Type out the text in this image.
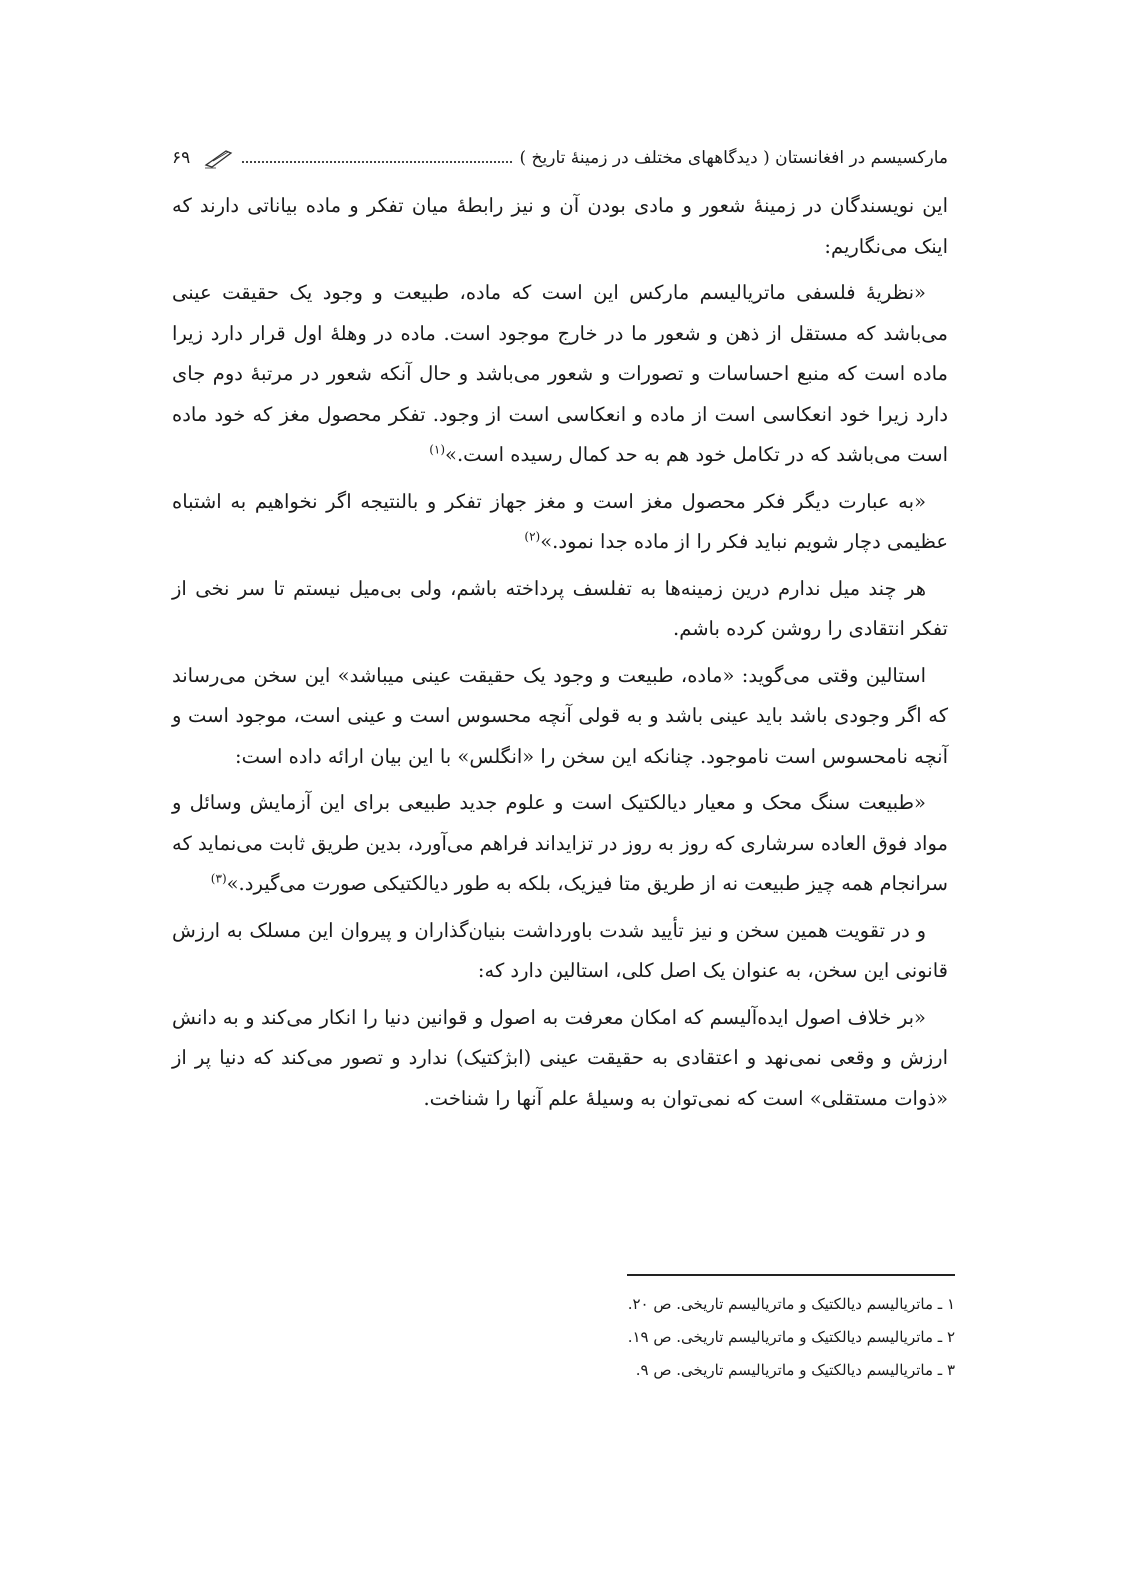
مارکسیسم در افغانستان ( دیدگاههای مختلف در زمینهٔ تاریخ )
۶۹

این نویسندگان در زمینهٔ شعور و مادی بودن آن و نیز رابطهٔ میان تفکر و ماده بیاناتی دارند که اینک می‌نگاریم:

«نظریهٔ فلسفی ماتریالیسم مارکس این است که ماده، طبیعت و وجود یک حقیقت عینی می‌باشد که مستقل از ذهن و شعور ما در خارج موجود است. ماده در وهلهٔ اول قرار دارد زیرا ماده است که منبع احساسات و تصورات و شعور می‌باشد و حال آنکه شعور در مرتبهٔ دوم جای دارد زیرا خود انعکاسی است از ماده و انعکاسی است از وجود. تفکر محصول مغز که خود ماده است می‌باشد که در تکامل خود هم به حد کمال رسیده است.»$^{(۱)}$

«به عبارت دیگر فکر محصول مغز است و مغز جهاز تفکر و بالنتیجه اگر نخواهیم به اشتباه عظیمی دچار شویم نباید فکر را از ماده جدا نمود.»$^{(۲)}$

هر چند میل ندارم درین زمینه‌ها به تفلسف پرداخته باشم، ولی بی‌میل نیستم تا سر نخی از تفکر انتقادی را روشن کرده باشم.

استالین وقتی می‌گوید: «ماده، طبیعت و وجود یک حقیقت عینی میباشد» این سخن می‌رساند که اگر وجودی باشد باید عینی باشد و به قولی آنچه محسوس است و عینی است، موجود است و آنچه نامحسوس است ناموجود. چنانکه این سخن را «انگلس» با این بیان ارائه داده است:

«طبیعت سنگ محک و معیار دیالکتیک است و علوم جدید طبیعی برای این آزمایش وسائل و مواد فوق العاده سرشاری که روز به روز در تزایداند فراهم می‌آورد، بدین طریق ثابت می‌نماید که سرانجام همه چیز طبیعت نه از طریق متا فیزیک، بلکه به طور دیالکتیکی صورت می‌گیرد.»$^{(۳)}$

و در تقویت همین سخن و نیز تأیید شدت باورداشت بنیان‌گذاران و پیروان این مسلک به ارزش قانونی این سخن، به عنوان یک اصل کلی، استالین دارد که:

«بر خلاف اصول ایده‌آلیسم که امکان معرفت به اصول و قوانین دنیا را انکار می‌کند و به دانش ارزش و وقعی نمی‌نهد و اعتقادی به حقیقت عینی (ابژکتیک) ندارد و تصور می‌کند که دنیا پر از «ذوات مستقلی» است که نمی‌توان به وسیلهٔ علم آنها را شناخت.

۱ ـ ماتریالیسم دیالکتیک و ماتریالیسم تاریخی. ص ۲۰.

۲ ـ ماتریالیسم دیالکتیک و ماتریالیسم تاریخی. ص ۱۹.

۳ ـ ماتریالیسم دیالکتیک و ماتریالیسم تاریخی. ص ۹.
